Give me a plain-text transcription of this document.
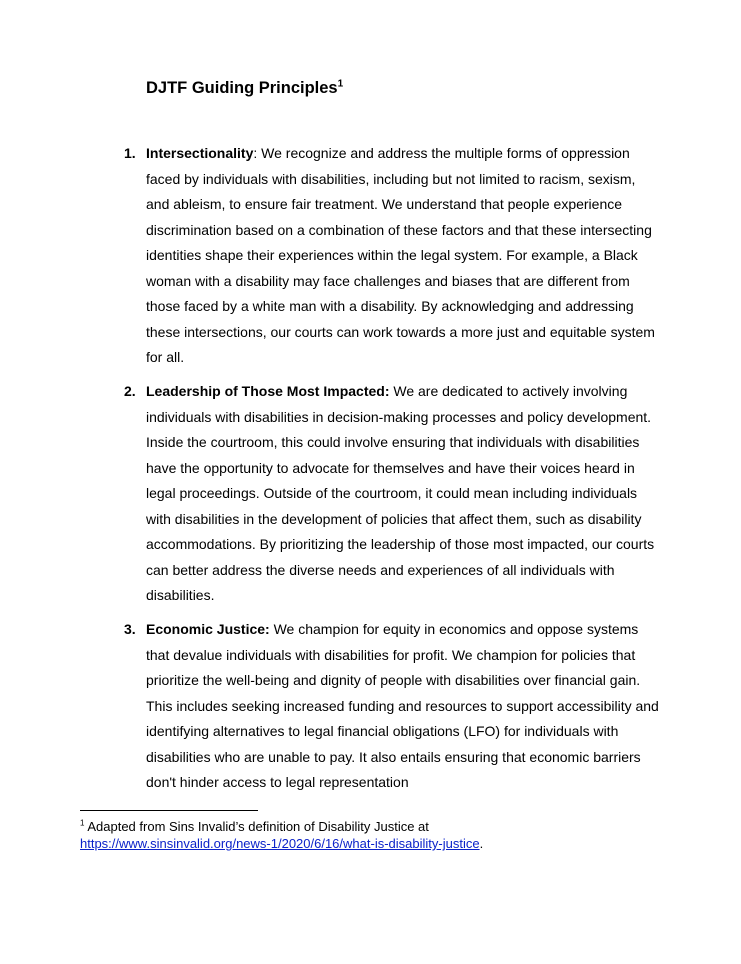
DJTF Guiding Principles$^1$
1. Intersectionality: We recognize and address the multiple forms of oppression faced by individuals with disabilities, including but not limited to racism, sexism, and ableism, to ensure fair treatment. We understand that people experience discrimination based on a combination of these factors and that these intersecting identities shape their experiences within the legal system. For example, a Black woman with a disability may face challenges and biases that are different from those faced by a white man with a disability. By acknowledging and addressing these intersections, our courts can work towards a more just and equitable system for all.

2. Leadership of Those Most Impacted: We are dedicated to actively involving individuals with disabilities in decision-making processes and policy development. Inside the courtroom, this could involve ensuring that individuals with disabilities have the opportunity to advocate for themselves and have their voices heard in legal proceedings. Outside of the courtroom, it could mean including individuals with disabilities in the development of policies that affect them, such as disability accommodations. By prioritizing the leadership of those most impacted, our courts can better address the diverse needs and experiences of all individuals with disabilities.

3. Economic Justice: We champion for equity in economics and oppose systems that devalue individuals with disabilities for profit. We champion for policies that prioritize the well-being and dignity of people with disabilities over financial gain. This includes seeking increased funding and resources to support accessibility and identifying alternatives to legal financial obligations (LFO) for individuals with disabilities who are unable to pay. It also entails ensuring that economic barriers don't hinder access to legal representation

$^1$ Adapted from Sins Invalid’s definition of Disability Justice at
https://www.sinsinvalid.org/news-1/2020/6/16/what-is-disability-justice.
